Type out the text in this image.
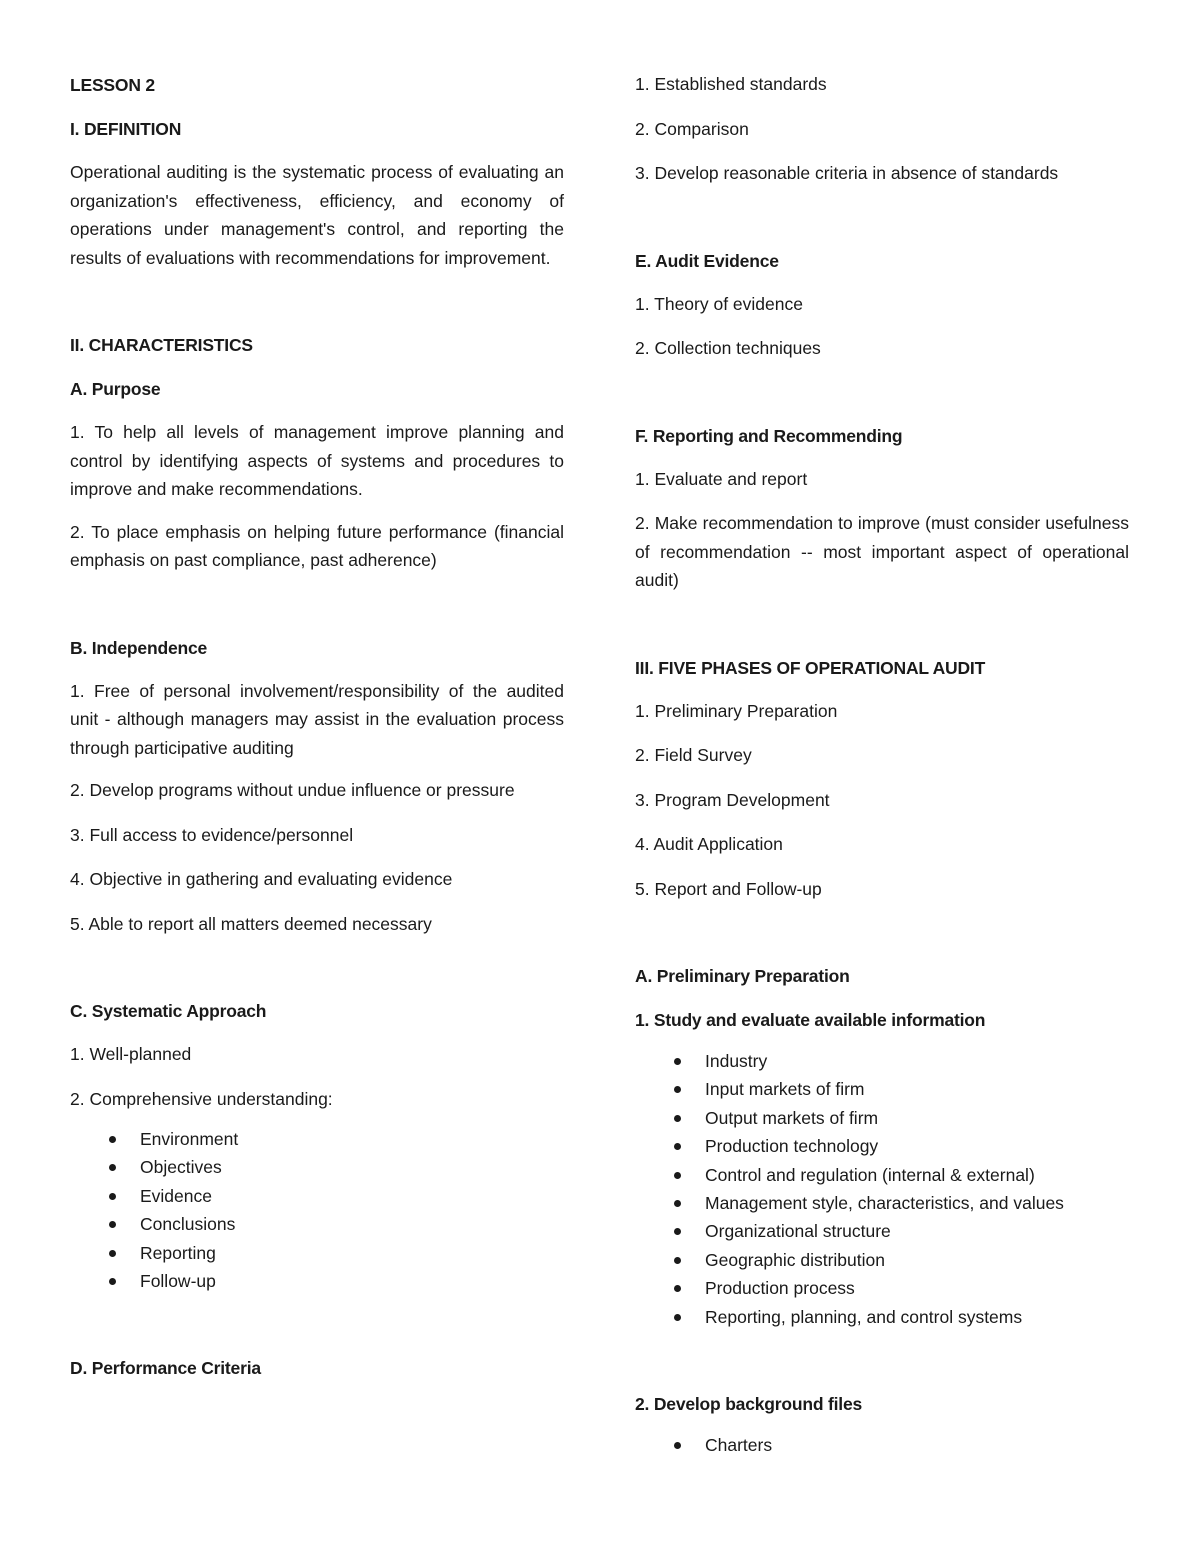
LESSON 2

I. DEFINITION

Operational auditing is the systematic process of evaluating an organization's effectiveness, efficiency, and economy of operations under management's control, and reporting the results of evaluations with recommendations for improvement.

II. CHARACTERISTICS

A. Purpose

1. To help all levels of management improve planning and control by identifying aspects of systems and procedures to improve and make recommendations.

2. To place emphasis on helping future performance (financial emphasis on past compliance, past adherence)

B. Independence

1. Free of personal involvement/responsibility of the audited unit - although managers may assist in the evaluation process through participative auditing

2. Develop programs without undue influence or pressure

3. Full access to evidence/personnel

4. Objective in gathering and evaluating evidence

5. Able to report all matters deemed necessary

C. Systematic Approach

1. Well-planned

2. Comprehensive understanding:

Environment
Objectives
Evidence
Conclusions
Reporting
Follow-up

D. Performance Criteria

1. Established standards

2. Comparison

3. Develop reasonable criteria in absence of standards

E. Audit Evidence

1. Theory of evidence

2. Collection techniques

F. Reporting and Recommending

1. Evaluate and report

2. Make recommendation to improve (must consider usefulness of recommendation -- most important aspect of operational audit)

III. FIVE PHASES OF OPERATIONAL AUDIT

1. Preliminary Preparation

2. Field Survey

3. Program Development

4. Audit Application

5. Report and Follow-up

A. Preliminary Preparation

1. Study and evaluate available information

Industry
Input markets of firm
Output markets of firm
Production technology
Control and regulation (internal & external)
Management style, characteristics, and values
Organizational structure
Geographic distribution
Production process
Reporting, planning, and control systems

2. Develop background files

Charters
